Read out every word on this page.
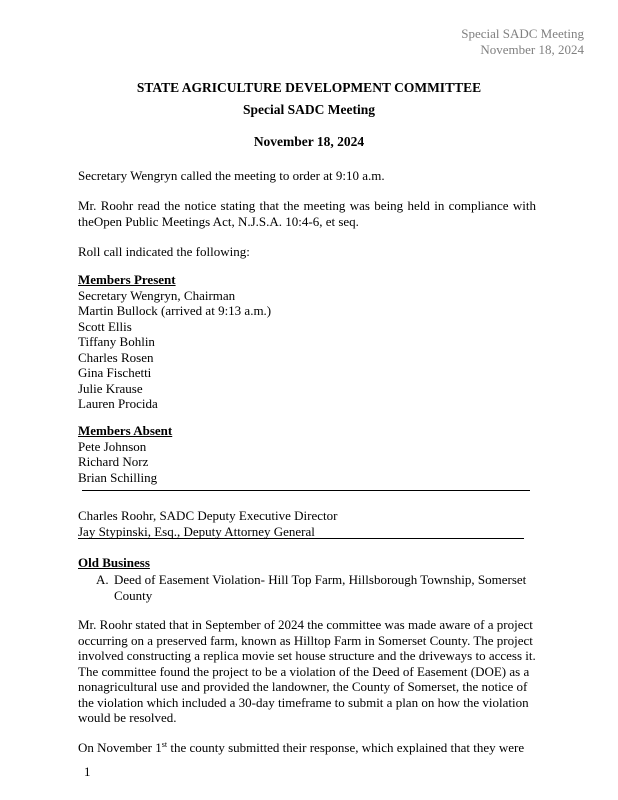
Special SADC Meeting
November 18, 2024
STATE AGRICULTURE DEVELOPMENT COMMITTEE
Special SADC Meeting
November 18, 2024
Secretary Wengryn called the meeting to order at 9:10 a.m.
Mr. Roohr read the notice stating that the meeting was being held in compliance with theOpen Public Meetings Act, N.J.S.A. 10:4-6, et seq.
Roll call indicated the following:
Members Present
Secretary Wengryn, Chairman
Martin Bullock (arrived at 9:13 a.m.)
Scott Ellis
Tiffany Bohlin
Charles Rosen
Gina Fischetti
Julie Krause
Lauren Procida
Members Absent
Pete Johnson
Richard Norz
Brian Schilling
Charles Roohr, SADC Deputy Executive Director
Jay Stypinski, Esq., Deputy Attorney General
Old Business
A. Deed of Easement Violation- Hill Top Farm, Hillsborough Township, Somerset County
Mr. Roohr stated that in September of 2024 the committee was made aware of a project occurring on a preserved farm, known as Hilltop Farm in Somerset County. The project involved constructing a replica movie set house structure and the driveways to access it. The committee found the project to be a violation of the Deed of Easement (DOE) as a nonagricultural use and provided the landowner, the County of Somerset, the notice of the violation which included a 30-day timeframe to submit a plan on how the violation would be resolved.
On November 1st the county submitted their response, which explained that they were
1
